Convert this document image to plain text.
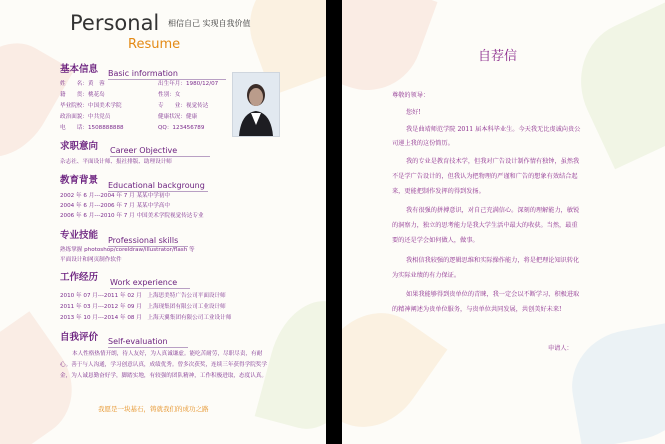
Personal
Resume
相信自己 实现自我价值
基本信息 Basic information
姓　　名：黄　蓉	出生年月：1980/12/07
籍　　贯：桃花岛	性别：女
毕业院校：中国美术学院	专　　业：视觉传达
政治面貌：中共党员	健康状况：健康
电　　话：1508888888	QQ：123456789
求职意向 Career Objective
杂志社、平面设计师、报社排版、助理设计师
教育背景 Educational backgroung
2002 年 6 月---2004 年 7 月 某某中学初中
2004 年 6 月---2006 年 7 月 某某中学高中
2006 年 6 月---2010 年 7 月 中国美术学院视觉传达专业
专业技能 Professional skills
熟练掌握 photoshop/coreldraw/illustrator/flash 等
平面设计和网页制作软件
工作经历 Work experience
2010 年 07 月---2011 年 02 月　上海思美特广告公司平面设计师
2011 年 03 月---2012 年 09 月　上海现集团有限公司工业设计师
2013 年 10 月---2014 年 08 月　上海天翼集团有限公司工业设计师
自我评价 Self-evaluation
本人性格热情开朗，待人友好，为人真诚谦虚。能吃苦耐劳，尽职尽责，有耐
心。善于与人沟通，学习创意认真，成绩优秀。曾多次获奖，连续三年获得学院奖学
金，为人诚恳勤奋好学，脚踏实地，有较强的团队精神，工作积极进取，态度认真。
我愿是一块基石，铸就我们的成功之路
自荐信
尊敬的领导：
您好!
我是曲靖师范学院 2011 届本科毕业生。今天我无比虔诚向贵公
司递上我的这份简历。
我的专业是教育技术学，但我对广告设计制作情有独钟，虽然我
不是学广告设计的，但我认为把物理的严谨和广告的想象有效结合起
来，更能把制作发挥的得到发扬。
我有很强的拼搏意识，对自己充满信心。深刻的理解能力，敏锐
的洞察力，独立的思考能力是我大学生活中最大的收获。当然，最重
要的还是学会如何做人，做事。
我相信我较强的逻辑思维和实际操作能力，将是把理论知识转化
为实际业绩的有力保证。
如果我能够得到贵单位的青睐，我一定会以不断学习、积极进取
的精神阐述为贵单位服务，与贵单位共同发展，共创美好未来!
申请人：
